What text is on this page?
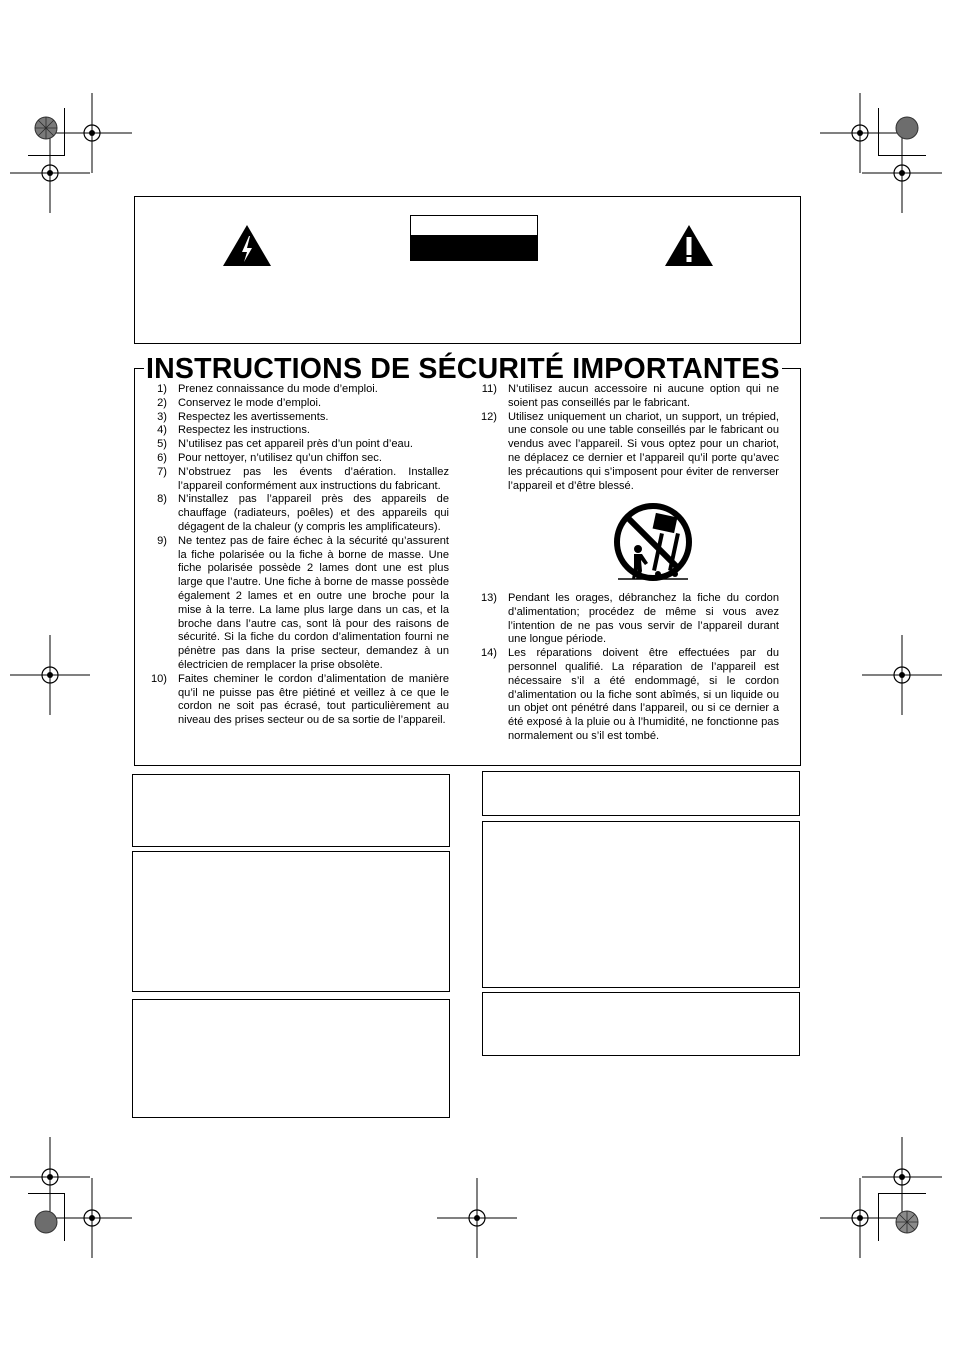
INSTRUCTIONS DE SÉCURITÉ IMPORTANTES
1) Prenez connaissance du mode d’emploi.
2) Conservez le mode d’emploi.
3) Respectez les avertissements.
4) Respectez les instructions.
5) N’utilisez pas cet appareil près d’un point d’eau.
6) Pour nettoyer, n’utilisez qu’un chiffon sec.
7) N’obstruez pas les évents d’aération. Installez l’appareil conformément aux instructions du fabricant.
8) N’installez pas l’appareil près des appareils de chauffage (radiateurs, poêles) et des appareils qui dégagent de la chaleur (y compris les amplificateurs).
9) Ne tentez pas de faire échec à la sécurité qu’assurent la fiche polarisée ou la fiche à borne de masse. Une fiche polarisée possède 2 lames dont une est plus large que l’autre. Une fiche à borne de masse possède également 2 lames et en outre une broche pour la mise à la terre. La lame plus large dans un cas, et la broche dans l’autre cas, sont là pour des raisons de sécurité. Si la fiche du cordon d’alimentation fourni ne pénètre pas dans la prise secteur, demandez à un électricien de remplacer la prise obsolète.
10) Faites cheminer le cordon d’alimentation de manière qu’il ne puisse pas être piétiné et veillez à ce que le cordon ne soit pas écrasé, tout particulièrement au niveau des prises secteur ou de sa sortie de l’appareil.
11) N’utilisez aucun accessoire ni aucune option qui ne soient pas conseillés par le fabricant.
12) Utilisez uniquement un chariot, un support, un trépied, une console ou une table conseillés par le fabricant ou vendus avec l’appareil. Si vous optez pour un chariot, ne déplacez ce dernier et l’appareil qu’il porte qu’avec les précautions qui s’imposent pour éviter de renverser l’appareil et d’être blessé.
13) Pendant les orages, débranchez la fiche du cordon d’alimentation; procédez de même si vous avez l’intention de ne pas vous servir de l’appareil durant une longue période.
14) Les réparations doivent être effectuées par du personnel qualifié. La réparation de l’appareil est nécessaire s’il a été endommagé, si le cordon d’alimentation ou la fiche sont abîmés, si un liquide ou un objet ont pénétré dans l’appareil, ou si ce dernier a été exposé à la pluie ou à l’humidité, ne fonctionne pas normalement ou s’il est tombé.
